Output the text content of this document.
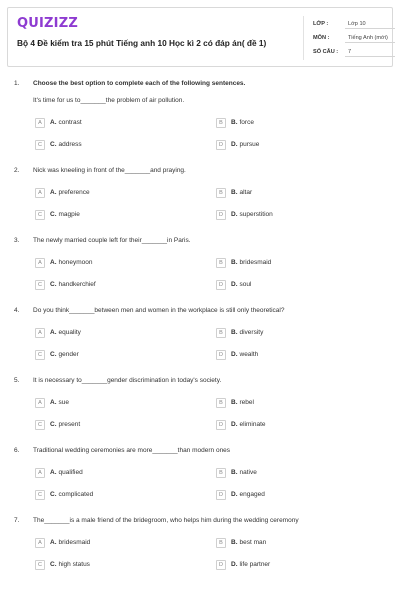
QUIZIZZ
Bộ 4 Đề kiểm tra 15 phút Tiếng anh 10 Học kì 2 có đáp án( đề 1)
LỚP :	Lớp 10
MÔN :	Tiếng Anh (mới)
SỐ CÂU :	7
1. Choose the best option to complete each of the following sentences.
It's time for us to_______the problem of air pollution.
A	A. contrast	B	B. force
C	C. address	D	D. pursue
2. Nick was kneeling in front of the_______and praying.
A	A. preference	B	B. altar
C	C. magpie	D	D. superstition
3. The newly married couple left for their_______in Paris.
A	A. honeymoon	B	B. bridesmaid
C	C. handkerchief	D	D. soul
4. Do you think_______between men and women in the workplace is still only theoretical?
A	A. equality	B	B. diversity
C	C. gender	D	D. wealth
5. It is necessary to_______gender discrimination in today's society.
A	A. sue	B	B. rebel
C	C. present	D	D. eliminate
6. Traditional wedding ceremonies are more_______than modern ones
A	A. qualified	B	B. native
C	C. complicated	D	D. engaged
7. The_______is a male friend of the bridegroom, who helps him during the wedding ceremony
A	A. bridesmaid	B	B. best man
C	C. high status	D	D. life partner
